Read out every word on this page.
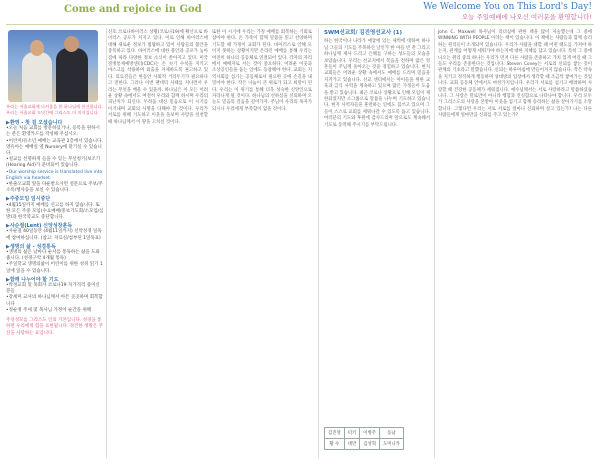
Come and rejoice in God	We Welcome You on This Lord's Day!
오늘 주일예배에 나오신 여러분을 환영합니다!
우리는 서울교회에 다셔움을 한 하나님에 헌신합니다.
우리는 서울교회 도넛간에 그리스도 미 치지입니다.
▶환영 - 첫 걸 오셨습니다

•오늘 처음 교회를 방문하셨거나, 등록을 원하시는 분은 환영카드를 작성해 주십시오.

•어린이/유소년 예배는 교육관 2층에서 있습니다. 영유아는 예배실 옆 Nursery에 맡기실 수 있습니다.

•설교를 선명하게 들을 수 있는 무선청기(보조기(Hearing Aid)가 준비되어 있습니다.

•Our worship service is translated live into English via headset.

•한줄오교회 앞을 다운받으시면 설문으로 주보/주소록/행사등을 보실 수 있습니다.

▶주중모임 임시중단

•4월15일까지 예배를 신고를 하지 않습니다. 또한 모든 주중 모임(수요예배/중보기도회/소모임/심방)과 한국학교도 중단합니다.

▶사순절(Lent) 신앙성장훈독

•사순절 40일동안 (4월11일까지) 신약성경 일독에 참여하십니다. (참고: 자료실/첨부된 1일독표)

▶생명의 삶 - 성경통독

•생명의 삶은 날마다 순서를 통독하는 삶을 도와줍니다. (성경구약 4개월 통독)

•주일학교 생명의삶이 어린이를 위한 성경 읽기 1일에 읽을 수 있습니다.

▶함께 나누어야 할 기도

•박정교회 및 목회자 코로나19 자가격리 중이신 분들

•강세미 교사의 하나님께서 아픈 곳곳하며 회복합니다

•정순정 주세 및 목사님 가정이 순간을 위해

주성성모를 그리스도 인의 기본입니다. 성경을 통하면 우리에게 힘을 표현됩니다. 경건한 생활은 주신을 사랑하는 표입니다.
신호 코로나바이러스 상황(코로나19)에 확산으로 바이러스 공포가 커지고 있다. 이로 인해 바이러스에 대해 새로운 정보가 범람하고 있어 사람들의 불안을 증폭하고 있다. 바이러스에 대한 불안과 공포가 높아짐에 따라 다양한 정보 소식이 쏟아지고 있다. 미국 질병통제예방센터(CDC)는 손 씻기 수칙을 지키고 마스크를 착용하며 외출을 자제하도록 권고하고 있다. 의료진들은 한동안 사회적 거리두기가 필요하다고 전한다. 그러나 이번 팬데믹 사태를 지나면서 우리는 무엇을 배울 수 있을까. 하나님은 이 모든 어려운 상황 속에서도 여전히 우리와 함께 하시며 우리의 피난처가 되신다. 두려움 대신 믿음으로 이 시기를 이겨내며 교회의 사명을 다해야 할 것이다. 우리가 서로를 위해 기도하고 이웃을 돌보며 사랑을 실천할 때 하나님께서 이 땅을 고치실 것이다.
또한 이 시기에 우리는 가정 예배를 회복하는 기회로 삼아야 한다. 온 가족이 함께 말씀을 읽고 찬양하며 기도할 때 가정이 교회가 된다. 바이러스로 인해 모이지 못하는 상황이지만 온라인 예배를 통해 우리는 여전히 하나의 공동체로 연결되어 있다. 각자의 자리에서 예배자로 서는 것이 중요하다. 어려운 이웃과 소상공인들을 돕는 일에도 동참해야 한다. 교회는 지역사회를 섬기는 공동체로서 필요한 곳에 손길을 내밀어야 한다. 작은 나눔이 큰 위로가 되고 희망이 된다. 우리는 이 위기를 통해 더욱 성숙한 신앙인으로 자라나게 될 것이다. 하나님의 선하심을 신뢰하며 오늘도 믿음의 걸음을 걸어가자. 주님이 우리의 목자가 되시니 우리에게 부족함이 없을 것이다.
SWM선교회/ 김진영선교사 (1)
하는 한국이나 나라가 애굽에 있는 새벽에 대하여 하나님 그들의 기도를 주목하신 날인가 한 아들 빈 잔 그리고 하나님께 제사 드리고 은혜를 구하는 성도들의 모습을 보았습니다. 우리는 선교지에서 복음을 전하며 많은 영혼들이 주님께 돌아오는 것을 경험하고 있습니다. 현지 교회들은 어려운 상황 속에서도 예배를 드리며 믿음을 지켜가고 있습니다. 선교 센터에서는 아이들을 위한 교육과 급식 사역을 계속하고 있으며 많은 가정들이 도움을 받고 있습니다. 최근 코로나 상황으로 인해 모임이 제한되었지만 소그룹으로 말씀을 나누며 기도하고 있습니다. 현지 사역자들을 훈련하는 일에도 힘쓰고 있으며 그들이 스스로 교회를 세워나갈 수 있도록 돕고 있습니다. 여러분의 기도와 후원에 감사드리며 앞으로도 계속해서 기도로 동역해 주시기를 부탁드립니다.
John C. Maxwell 목사님이 리더십에 관한 책을 많이 저술했는데 그 중에 WINNING WITH PEOPLE 이라는 책이 있습니다. 이 책에는 사람들과 함께 승리하는 원리들이 소개되어 있습니다. 우리가 사람을 대할 때 어떤 태도를 가져야 하는지, 관계를 어떻게 세워가야 하는지에 대한 지혜를 담고 있습니다. 특히 그 중에 나오는 원리 중의 하나는 우리가 먼저 다른 사람을 존중하고 가치 있게 여길 때 그들도 우리를 존중한다는 것입니다. Steven Covey는 서로의 신뢰를 쌓는 것이 관계의 기초라고 말했습니다. 신뢰는 하루아침에 만들어지지 않습니다. 작은 약속을 지키고 정직하게 행동하며 상대방의 입장에서 생각할 때 조금씩 쌓여가는 것입니다. 교회 공동체 안에서도 마찬가지입니다. 우리가 서로를 섬기고 배려하며 사랑할 때 건강한 공동체가 세워집니다. 예수님께서는 서로 사랑하라고 말씀하셨습니다. 그 사랑은 말로만이 아니라 행함과 진실함으로 나타나야 합니다. 우리 모두가 그리스도의 사랑을 본받아 이웃을 섬기고 함께 승리하는 삶을 살아가기를 소망합니다. 그렇다면 우리는 서로 서로를 얼마나 신뢰하며 살고 있는가? 나는 다른 사람들에게 얼마만큼 신뢰를 주고 있는가?
김진영	터키	이병주	동남
황 수	대만	김성혁	도미니카
